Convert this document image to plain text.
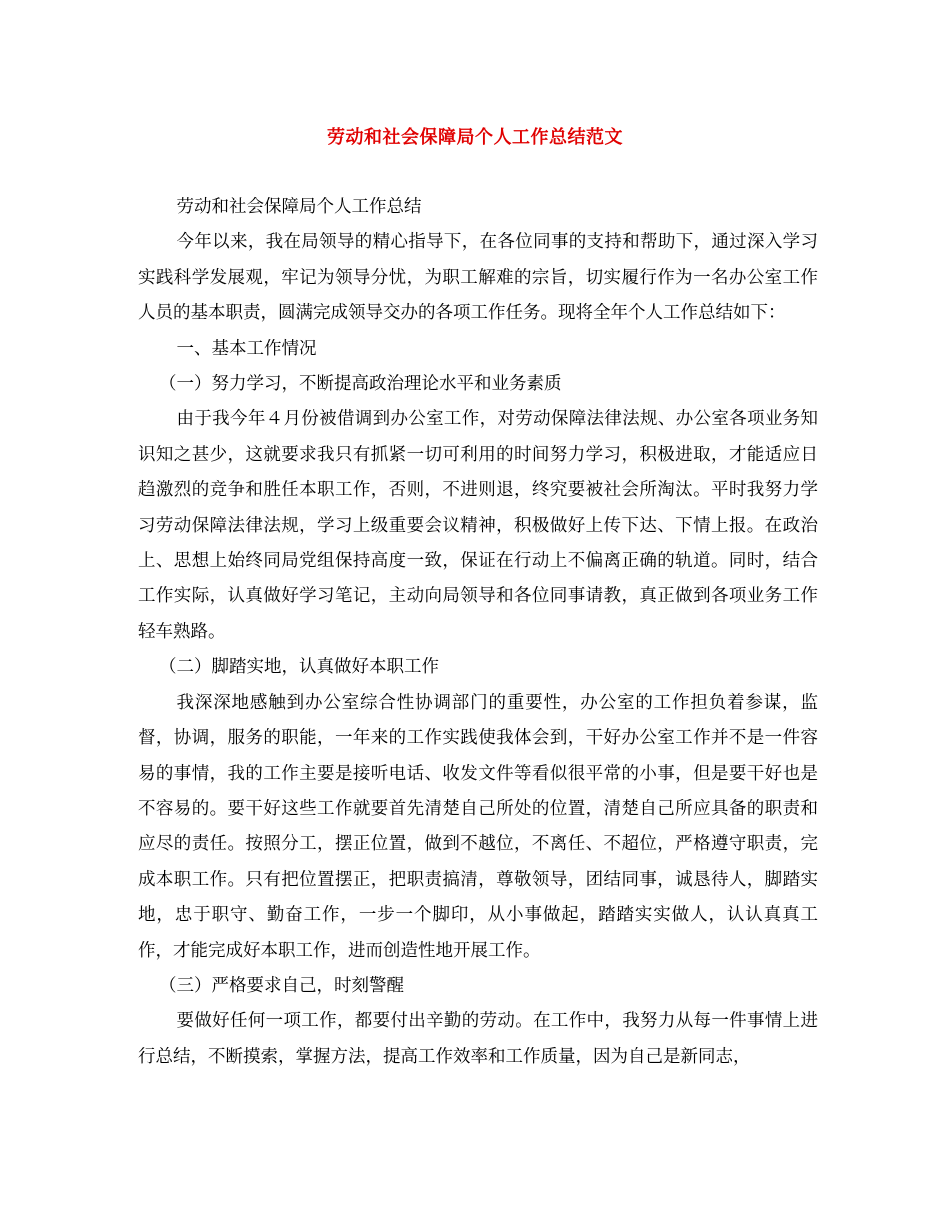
劳动和社会保障局个人工作总结范文

劳动和社会保障局个人工作总结

今年以来，我在局领导的精心指导下，在各位同事的支持和帮助下，通过深入学习实践科学发展观，牢记为领导分忧，为职工解难的宗旨，切实履行作为一名办公室工作人员的基本职责，圆满完成领导交办的各项工作任务。现将全年个人工作总结如下：

一、基本工作情况

（一）努力学习，不断提高政治理论水平和业务素质

由于我今年４月份被借调到办公室工作，对劳动保障法律法规、办公室各项业务知识知之甚少，这就要求我只有抓紧一切可利用的时间努力学习，积极进取，才能适应日趋激烈的竞争和胜任本职工作，否则，不进则退，终究要被社会所淘汰。平时我努力学习劳动保障法律法规，学习上级重要会议精神，积极做好上传下达、下情上报。在政治上、思想上始终同局党组保持高度一致，保证在行动上不偏离正确的轨道。同时，结合工作实际，认真做好学习笔记，主动向局领导和各位同事请教，真正做到各项业务工作轻车熟路。

（二）脚踏实地，认真做好本职工作

我深深地感触到办公室综合性协调部门的重要性，办公室的工作担负着参谋，监督，协调，服务的职能，一年来的工作实践使我体会到，干好办公室工作并不是一件容易的事情，我的工作主要是接听电话、收发文件等看似很平常的小事，但是要干好也是不容易的。要干好这些工作就要首先清楚自己所处的位置，清楚自己所应具备的职责和应尽的责任。按照分工，摆正位置，做到不越位，不离任、不超位，严格遵守职责，完成本职工作。只有把位置摆正，把职责搞清，尊敬领导，团结同事，诚恳待人，脚踏实地，忠于职守、勤奋工作，一步一个脚印，从小事做起，踏踏实实做人，认认真真工作，才能完成好本职工作，进而创造性地开展工作。

（三）严格要求自己，时刻警醒

要做好任何一项工作，都要付出辛勤的劳动。在工作中，我努力从每一件事情上进行总结，不断摸索，掌握方法，提高工作效率和工作质量，因为自己是新同志，
